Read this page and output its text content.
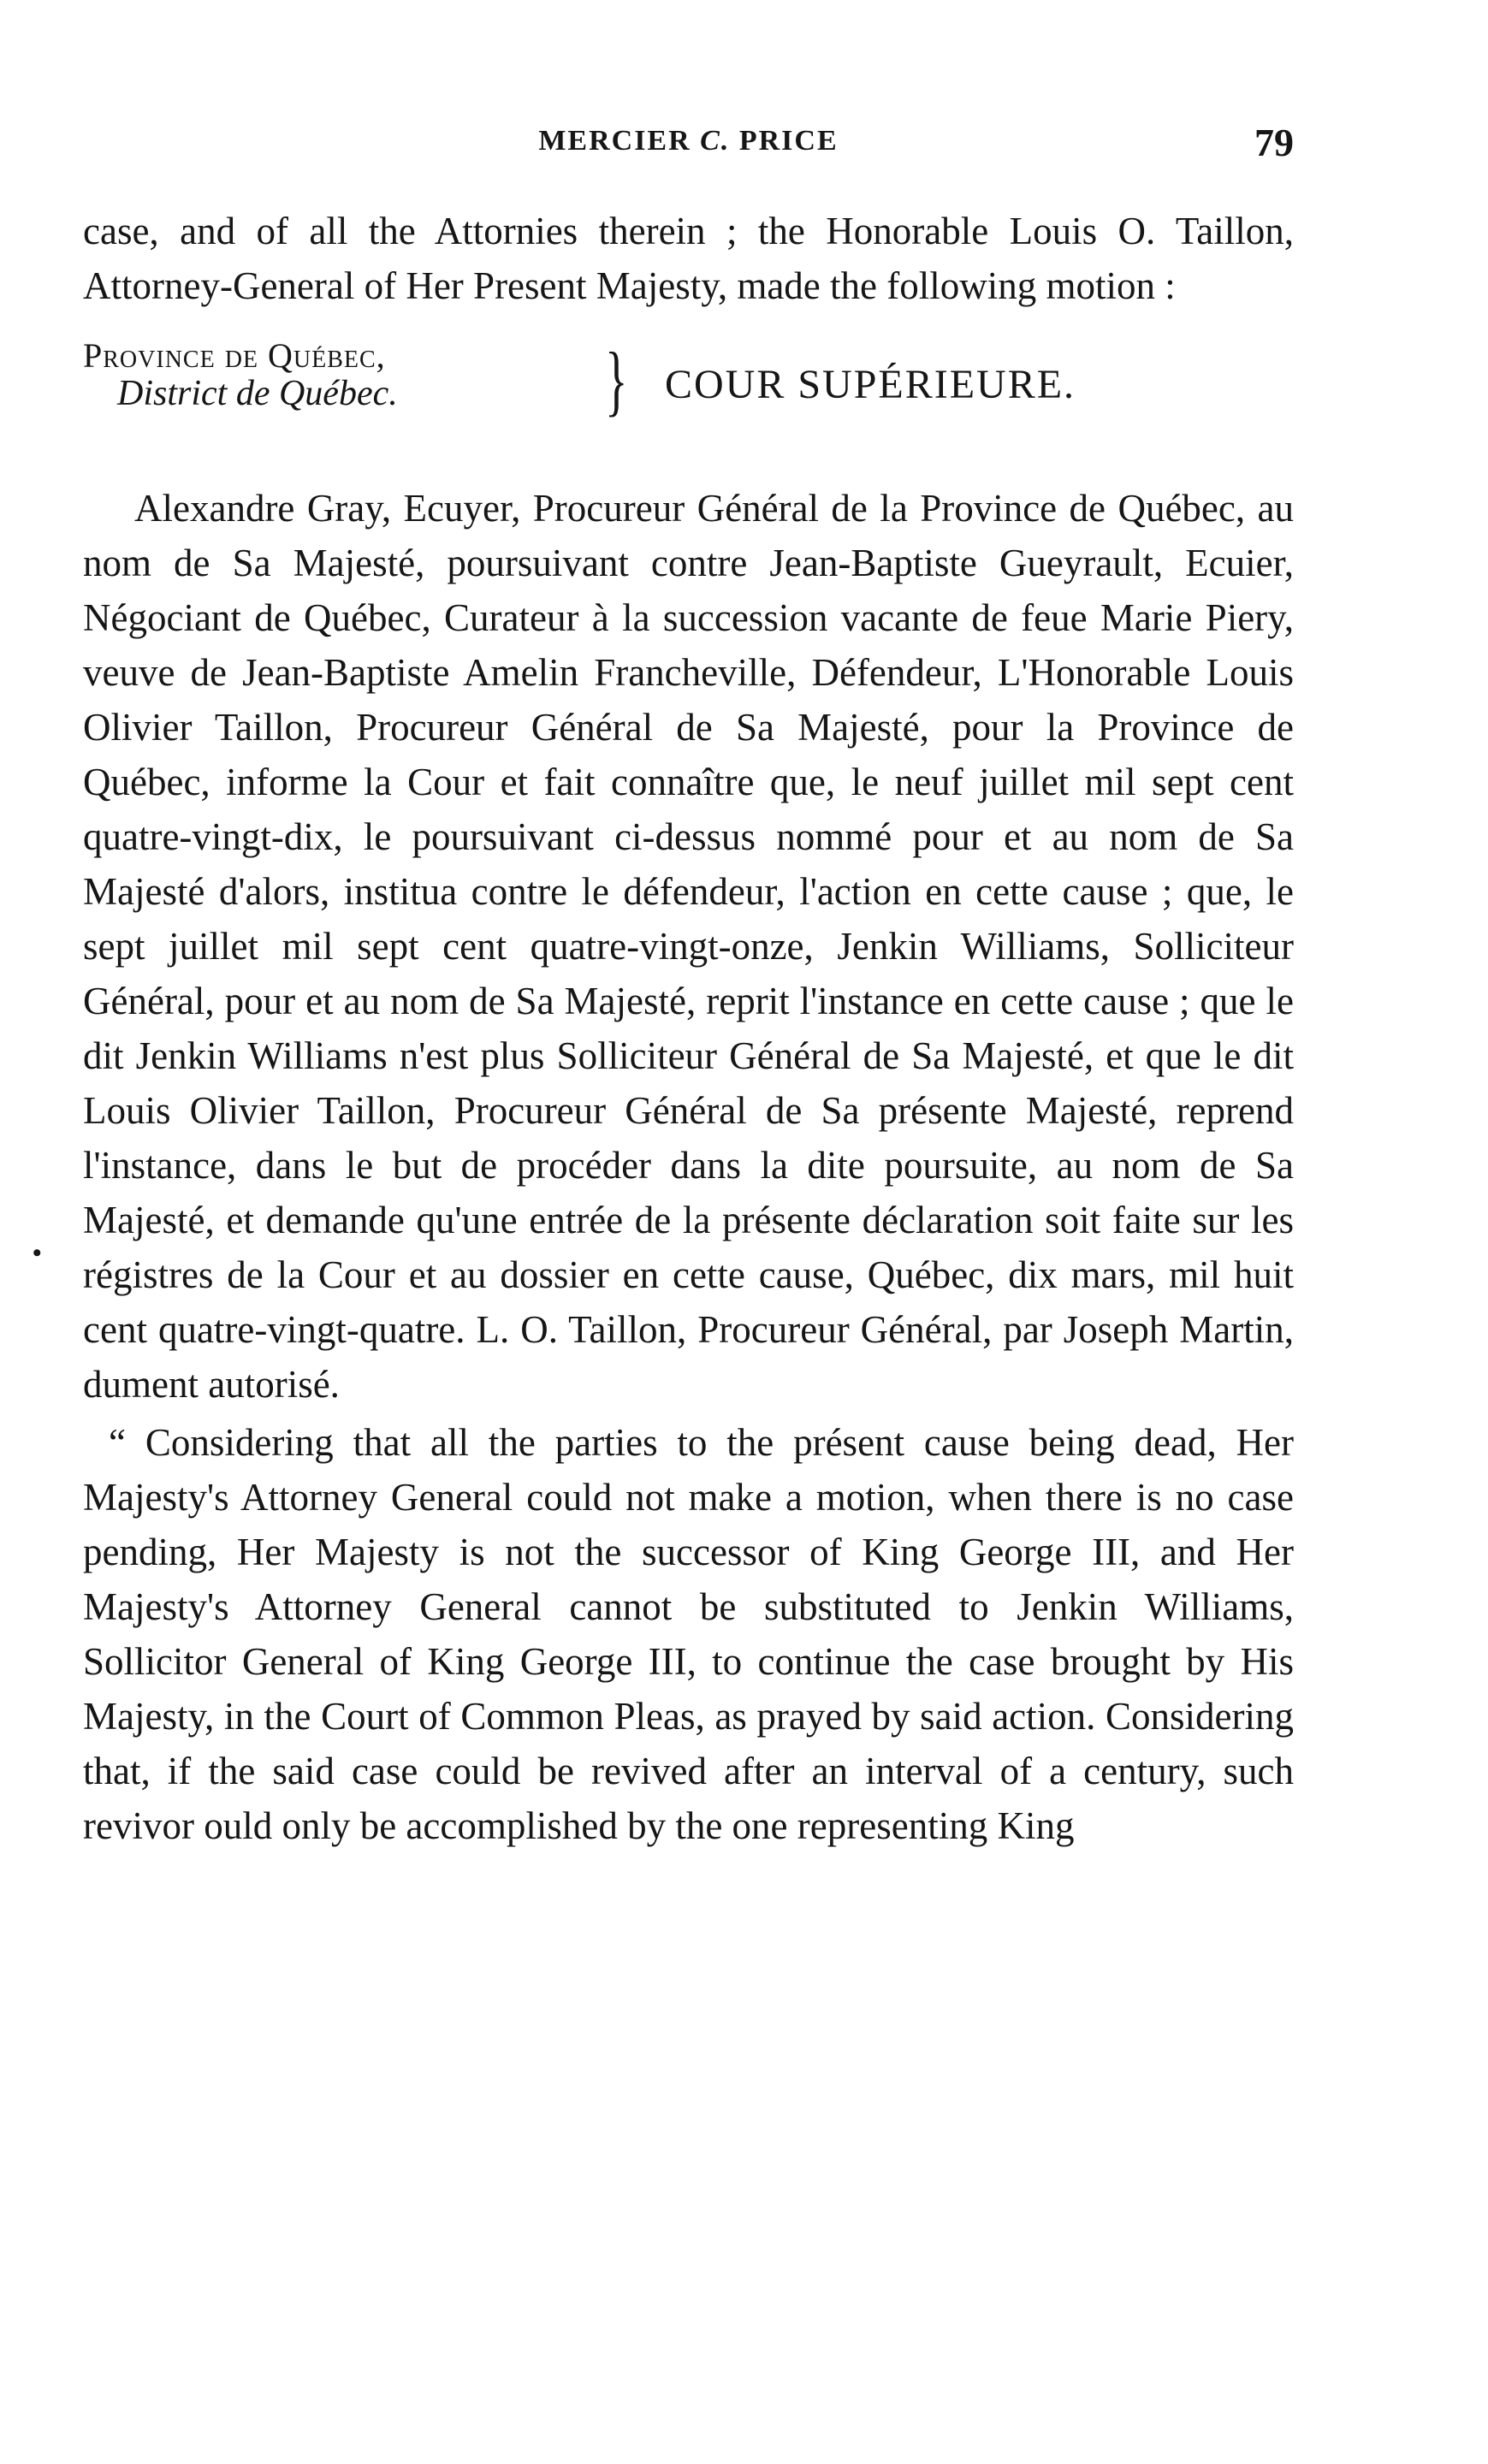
MERCIER C. PRICE	79
•

case, and of all the Attornies therein ; the Honorable Louis O. Taillon, Attorney-General of Her Present Majesty, made the following motion :

Province de Québec,
District de Québec.	} COUR SUPÉRIEURE.

Alexandre Gray, Ecuyer, Procureur Général de la Province de Québec, au nom de Sa Majesté, poursuivant contre Jean-Baptiste Gueyrault, Ecuier, Négociant de Québec, Curateur à la succession vacante de feue Marie Piery, veuve de Jean-Baptiste Amelin Francheville, Défendeur, L'Honorable Louis Olivier Taillon, Procureur Général de Sa Majesté, pour la Province de Québec, informe la Cour et fait connaître que, le neuf juillet mil sept cent quatre-vingt-dix, le poursuivant ci-dessus nommé pour et au nom de Sa Majesté d'alors, institua contre le défendeur, l'action en cette cause ; que, le sept juillet mil sept cent quatre-vingt-onze, Jenkin Williams, Solliciteur Général, pour et au nom de Sa Majesté, reprit l'instance en cette cause ; que le dit Jenkin Williams n'est plus Solliciteur Général de Sa Majesté, et que le dit Louis Olivier Taillon, Procureur Général de Sa présente Majesté, reprend l'instance, dans le but de procéder dans la dite poursuite, au nom de Sa Majesté, et demande qu'une entrée de la présente déclaration soit faite sur les régistres de la Cour et au dossier en cette cause, Québec, dix mars, mil huit cent quatre-vingt-quatre. L. O. Taillon, Procureur Général, par Joseph Martin, dument autorisé.

“ Considering that all the parties to the présent cause being dead, Her Majesty's Attorney General could not make a motion, when there is no case pending, Her Majesty is not the successor of King George III, and Her Majesty's Attorney General cannot be substituted to Jenkin Williams, Sollicitor General of King George III, to continue the case brought by His Majesty, in the Court of Common Pleas, as prayed by said action. Considering that, if the said case could be revived after an interval of a century, such revivor ould only be accomplished by the one representing King
